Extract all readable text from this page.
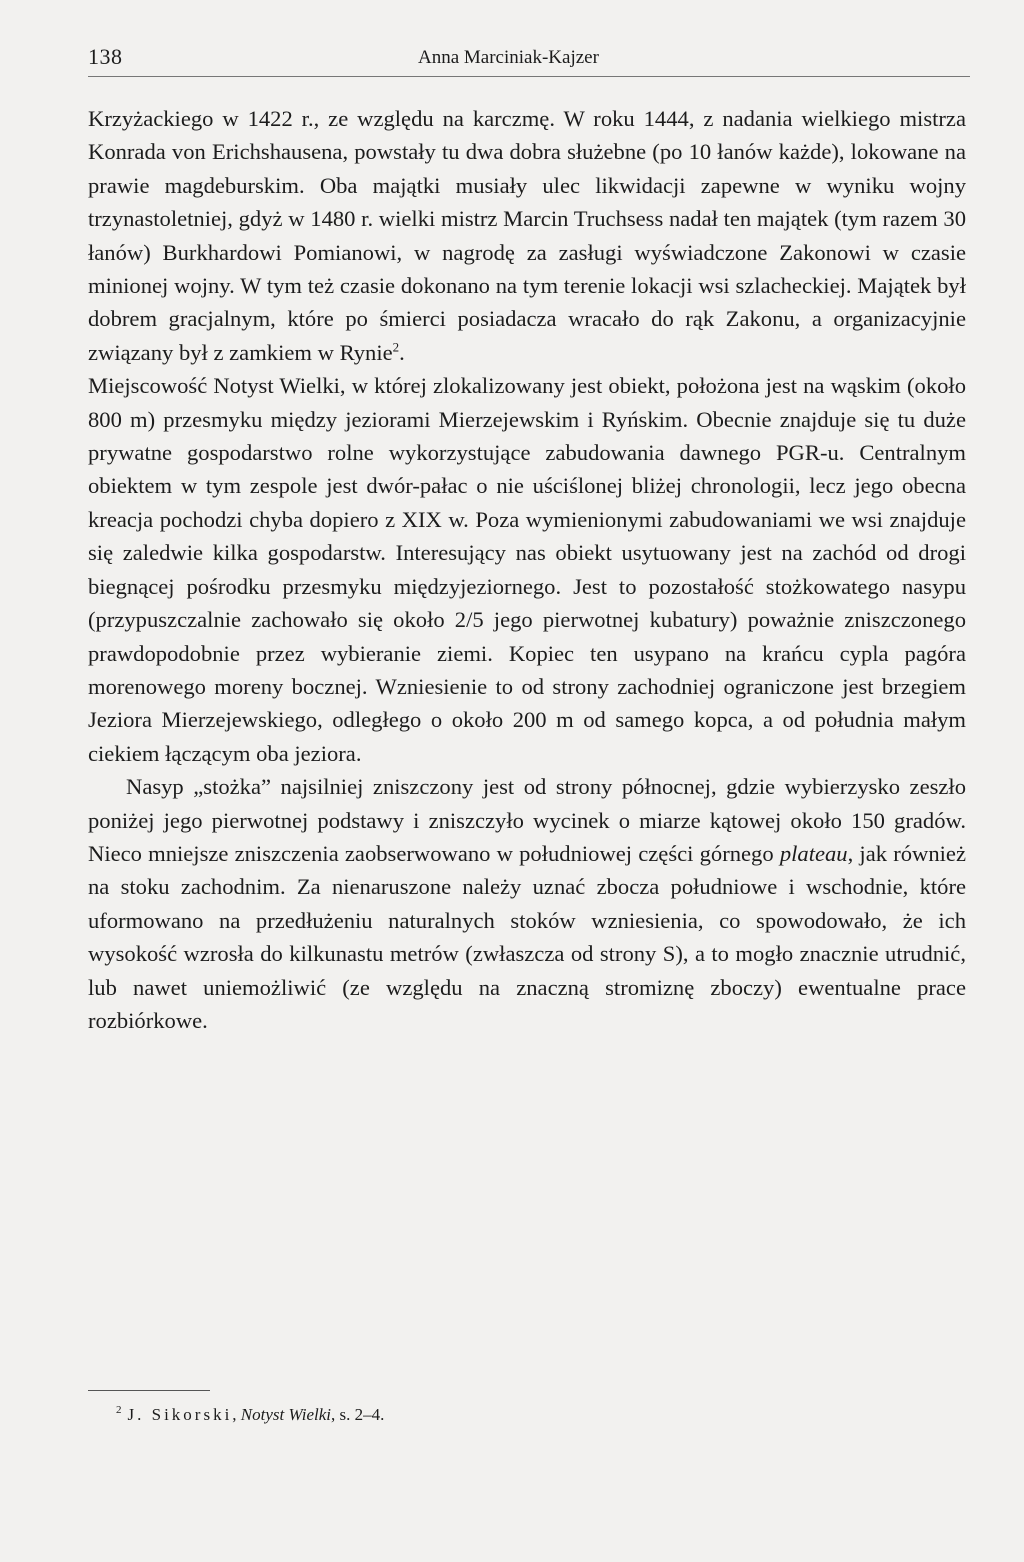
138	Anna Marciniak-Kajzer

Krzyżackiego w 1422 r., ze względu na karczmę. W roku 1444, z nadania wielkiego mistrza Konrada von Erichshausena, powstały tu dwa dobra służebne (po 10 łanów każde), lokowane na prawie magdeburskim. Oba majątki musiały ulec likwidacji zapewne w wyniku wojny trzynastoletniej, gdyż w 1480 r. wielki mistrz Marcin Truchsess nadał ten majątek (tym razem 30 łanów) Burkhardowi Pomianowi, w nagrodę za zasługi wyświadczone Zakonowi w czasie minionej wojny. W tym też czasie dokonano na tym terenie lokacji wsi szlacheckiej. Majątek był dobrem gracjalnym, które po śmierci posiadacza wracało do rąk Zakonu, a organizacyjnie związany był z zamkiem w Rynie$^2$.

Miejscowość Notyst Wielki, w której zlokalizowany jest obiekt, położona jest na wąskim (około 800 m) przesmyku między jeziorami Mierzejewskim i Ryńskim. Obecnie znajduje się tu duże prywatne gospodarstwo rolne wykorzystujące zabudowania dawnego PGR-u. Centralnym obiektem w tym zespole jest dwór-pałac o nie uściślonej bliżej chronologii, lecz jego obecna kreacja pochodzi chyba dopiero z XIX w. Poza wymienionymi zabudowaniami we wsi znajduje się zaledwie kilka gospodarstw. Interesujący nas obiekt usytuowany jest na zachód od drogi biegnącej pośrodku przesmyku międzyjeziornego. Jest to pozostałość stożkowatego nasypu (przypuszczalnie zachowało się około 2/5 jego pierwotnej kubatury) poważnie zniszczonego prawdopodobnie przez wybieranie ziemi. Kopiec ten usypano na krańcu cypla pagóra morenowego moreny bocznej. Wzniesienie to od strony zachodniej ograniczone jest brzegiem Jeziora Mierzejewskiego, odległego o około 200 m od samego kopca, a od południa małym ciekiem łączącym oba jeziora.

Nasyp „stożka” najsilniej zniszczony jest od strony północnej, gdzie wybierzysko zeszło poniżej jego pierwotnej podstawy i zniszczyło wycinek o miarze kątowej około 150 gradów. Nieco mniejsze zniszczenia zaobserwowano w południowej części górnego plateau, jak również na stoku zachodnim. Za nienaruszone należy uznać zbocza południowe i wschodnie, które uformowano na przedłużeniu naturalnych stoków wzniesienia, co spowodowało, że ich wysokość wzrosła do kilkunastu metrów (zwłaszcza od strony S), a to mogło znacznie utrudnić, lub nawet uniemożliwić (ze względu na znaczną stromiznę zboczy) ewentualne prace rozbiórkowe.

$^2$ J. Sikorski, Notyst Wielki, s. 2–4.
